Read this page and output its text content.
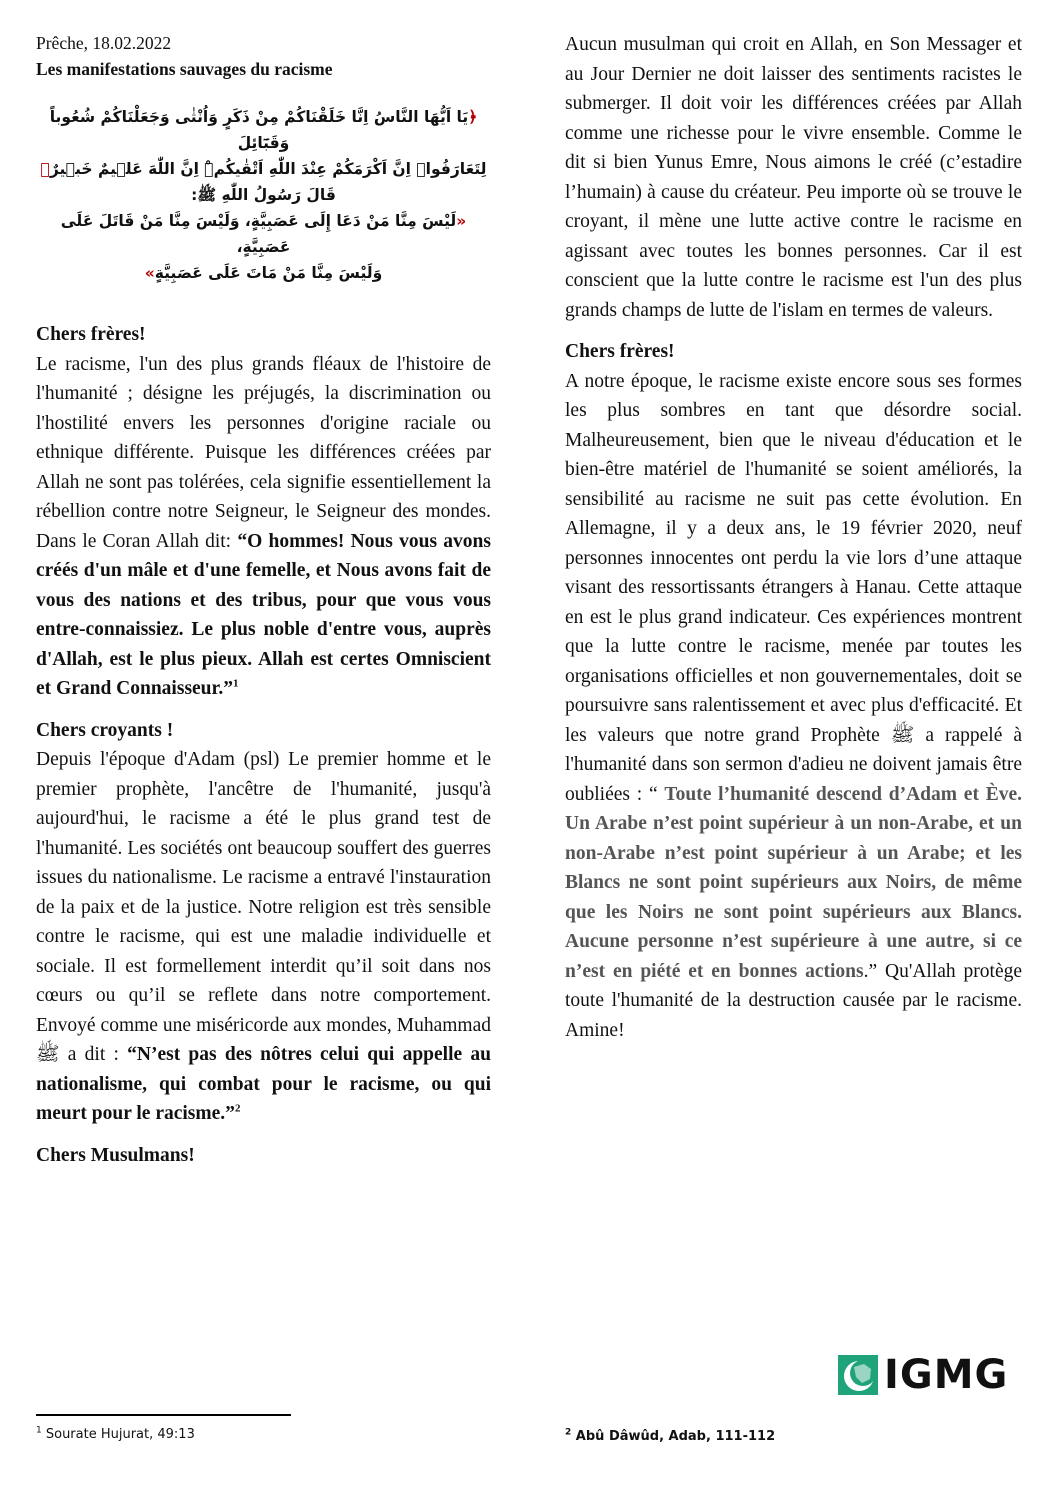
Prêche, 18.02.2022

Les manifestations sauvages du racisme

﴿يَا اَيُّهَا النَّاسُ اِنَّا خَلَقْنَاكُمْ مِنْ ذَكَرٍ وَاُنْثٰى وَجَعَلْنَاكُمْ شُعُوباً وَقَبَٓائِلَ

لِتَعَارَفُواۜ اِنَّ اَكْرَمَكُمْ عِنْدَ اللّٰهِ اَتْقٰيكُمْۜ اِنَّ اللّٰهَ عَل۪يمٌ خَب۪يرٌ﴾

قَالَ رَسُولُ اللّٰهِ ﷺ:

«لَيْسَ مِنَّا مَنْ دَعَا إِلَى عَصَبِيَّةٍ، وَلَيْسَ مِنَّا مَنْ قَاتَلَ عَلَى عَصَبِيَّةٍ،

وَلَيْسَ مِنَّا مَنْ مَاتَ عَلَى عَصَبِيَّةٍ»

Chers frères!

Le racisme, l'un des plus grands fléaux de l'histoire de l'humanité ; désigne les préjugés, la discrimination ou l'hostilité envers les personnes d'origine raciale ou ethnique différente. Puisque les différences créées par Allah ne sont pas tolérées, cela signifie essentiellement la rébellion contre notre Seigneur, le Seigneur des mondes. Dans le Coran Allah dit: “O hommes! Nous vous avons créés d'un mâle et d'une femelle, et Nous avons fait de vous des nations et des tribus, pour que vous vous entre-connaissiez. Le plus noble d'entre vous, auprès d'Allah, est le plus pieux. Allah est certes Omniscient et Grand Connaisseur.”$^1$

Chers croyants !

Depuis l'époque d'Adam (psl) Le premier homme et le premier prophète, l'ancêtre de l'humanité, jusqu'à aujourd'hui, le racisme a été le plus grand test de l'humanité. Les sociétés ont beaucoup souffert des guerres issues du nationalisme. Le racisme a entravé l'instauration de la paix et de la justice. Notre religion est très sensible contre le racisme, qui est une maladie individuelle et sociale. Il est formellement interdit qu’il soit dans nos cœurs ou qu’il se reflete dans notre comportement. Envoyé comme une miséricorde aux mondes, Muhammad ﷺ a dit : “N’est pas des nôtres celui qui appelle au nationalisme, qui combat pour le racisme, ou qui meurt pour le racisme.”$^2$

Chers Musulmans!

Aucun musulman qui croit en Allah, en Son Messager et au Jour Dernier ne doit laisser des sentiments racistes le submerger. Il doit voir les différences créées par Allah comme une richesse pour le vivre ensemble. Comme le dit si bien Yunus Emre, Nous aimons le créé (c’estadire l’humain) à cause du créateur. Peu importe où se trouve le croyant, il mène une lutte active contre le racisme en agissant avec toutes les bonnes personnes. Car il est conscient que la lutte contre le racisme est l'un des plus grands champs de lutte de l'islam en termes de valeurs.

Chers frères!

A notre époque, le racisme existe encore sous ses formes les plus sombres en tant que désordre social. Malheureusement, bien que le niveau d'éducation et le bien-être matériel de l'humanité se soient améliorés, la sensibilité au racisme ne suit pas cette évolution. En Allemagne, il y a deux ans, le 19 février 2020, neuf personnes innocentes ont perdu la vie lors d’une attaque visant des ressortissants étrangers à Hanau. Cette attaque en est le plus grand indicateur. Ces expériences montrent que la lutte contre le racisme, menée par toutes les organisations officielles et non gouvernementales, doit se poursuivre sans ralentissement et avec plus d'efficacité. Et les valeurs que notre grand Prophète ﷺ a rappelé à l'humanité dans son sermon d'adieu ne doivent jamais être oubliées : “ Toute l’humanité descend d’Adam et Ève. Un Arabe n’est point supérieur à un non-Arabe, et un non-Arabe n’est point supérieur à un Arabe; et les Blancs ne sont point supérieurs aux Noirs, de même que les Noirs ne sont point supérieurs aux Blancs. Aucune personne n’est supérieure à une autre, si ce n’est en piété et en bonnes actions.” Qu'Allah protège toute l'humanité de la destruction causée par le racisme. Amine!

IGMG
$^1$ Sourate Hujurat, 49:13	$^2$ Abû Dâwûd, Adab, 111-112
